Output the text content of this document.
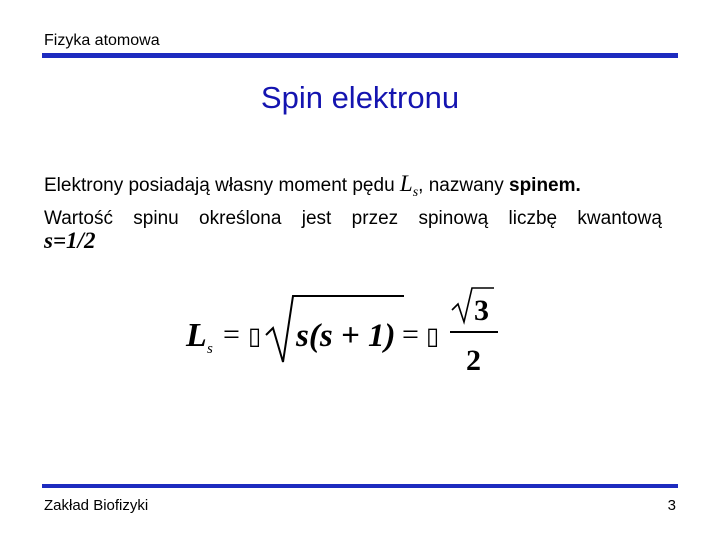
Fizyka atomowa
Spin elektronu
Elektrony posiadają własny moment pędu $L_s$, nazwany spinem.
Wartość spinu określona jest przez spinową liczbę kwantową
s=1/2
L s = ▯ s(s + 1) = ▯
3
2
Zakład Biofizyki	3
